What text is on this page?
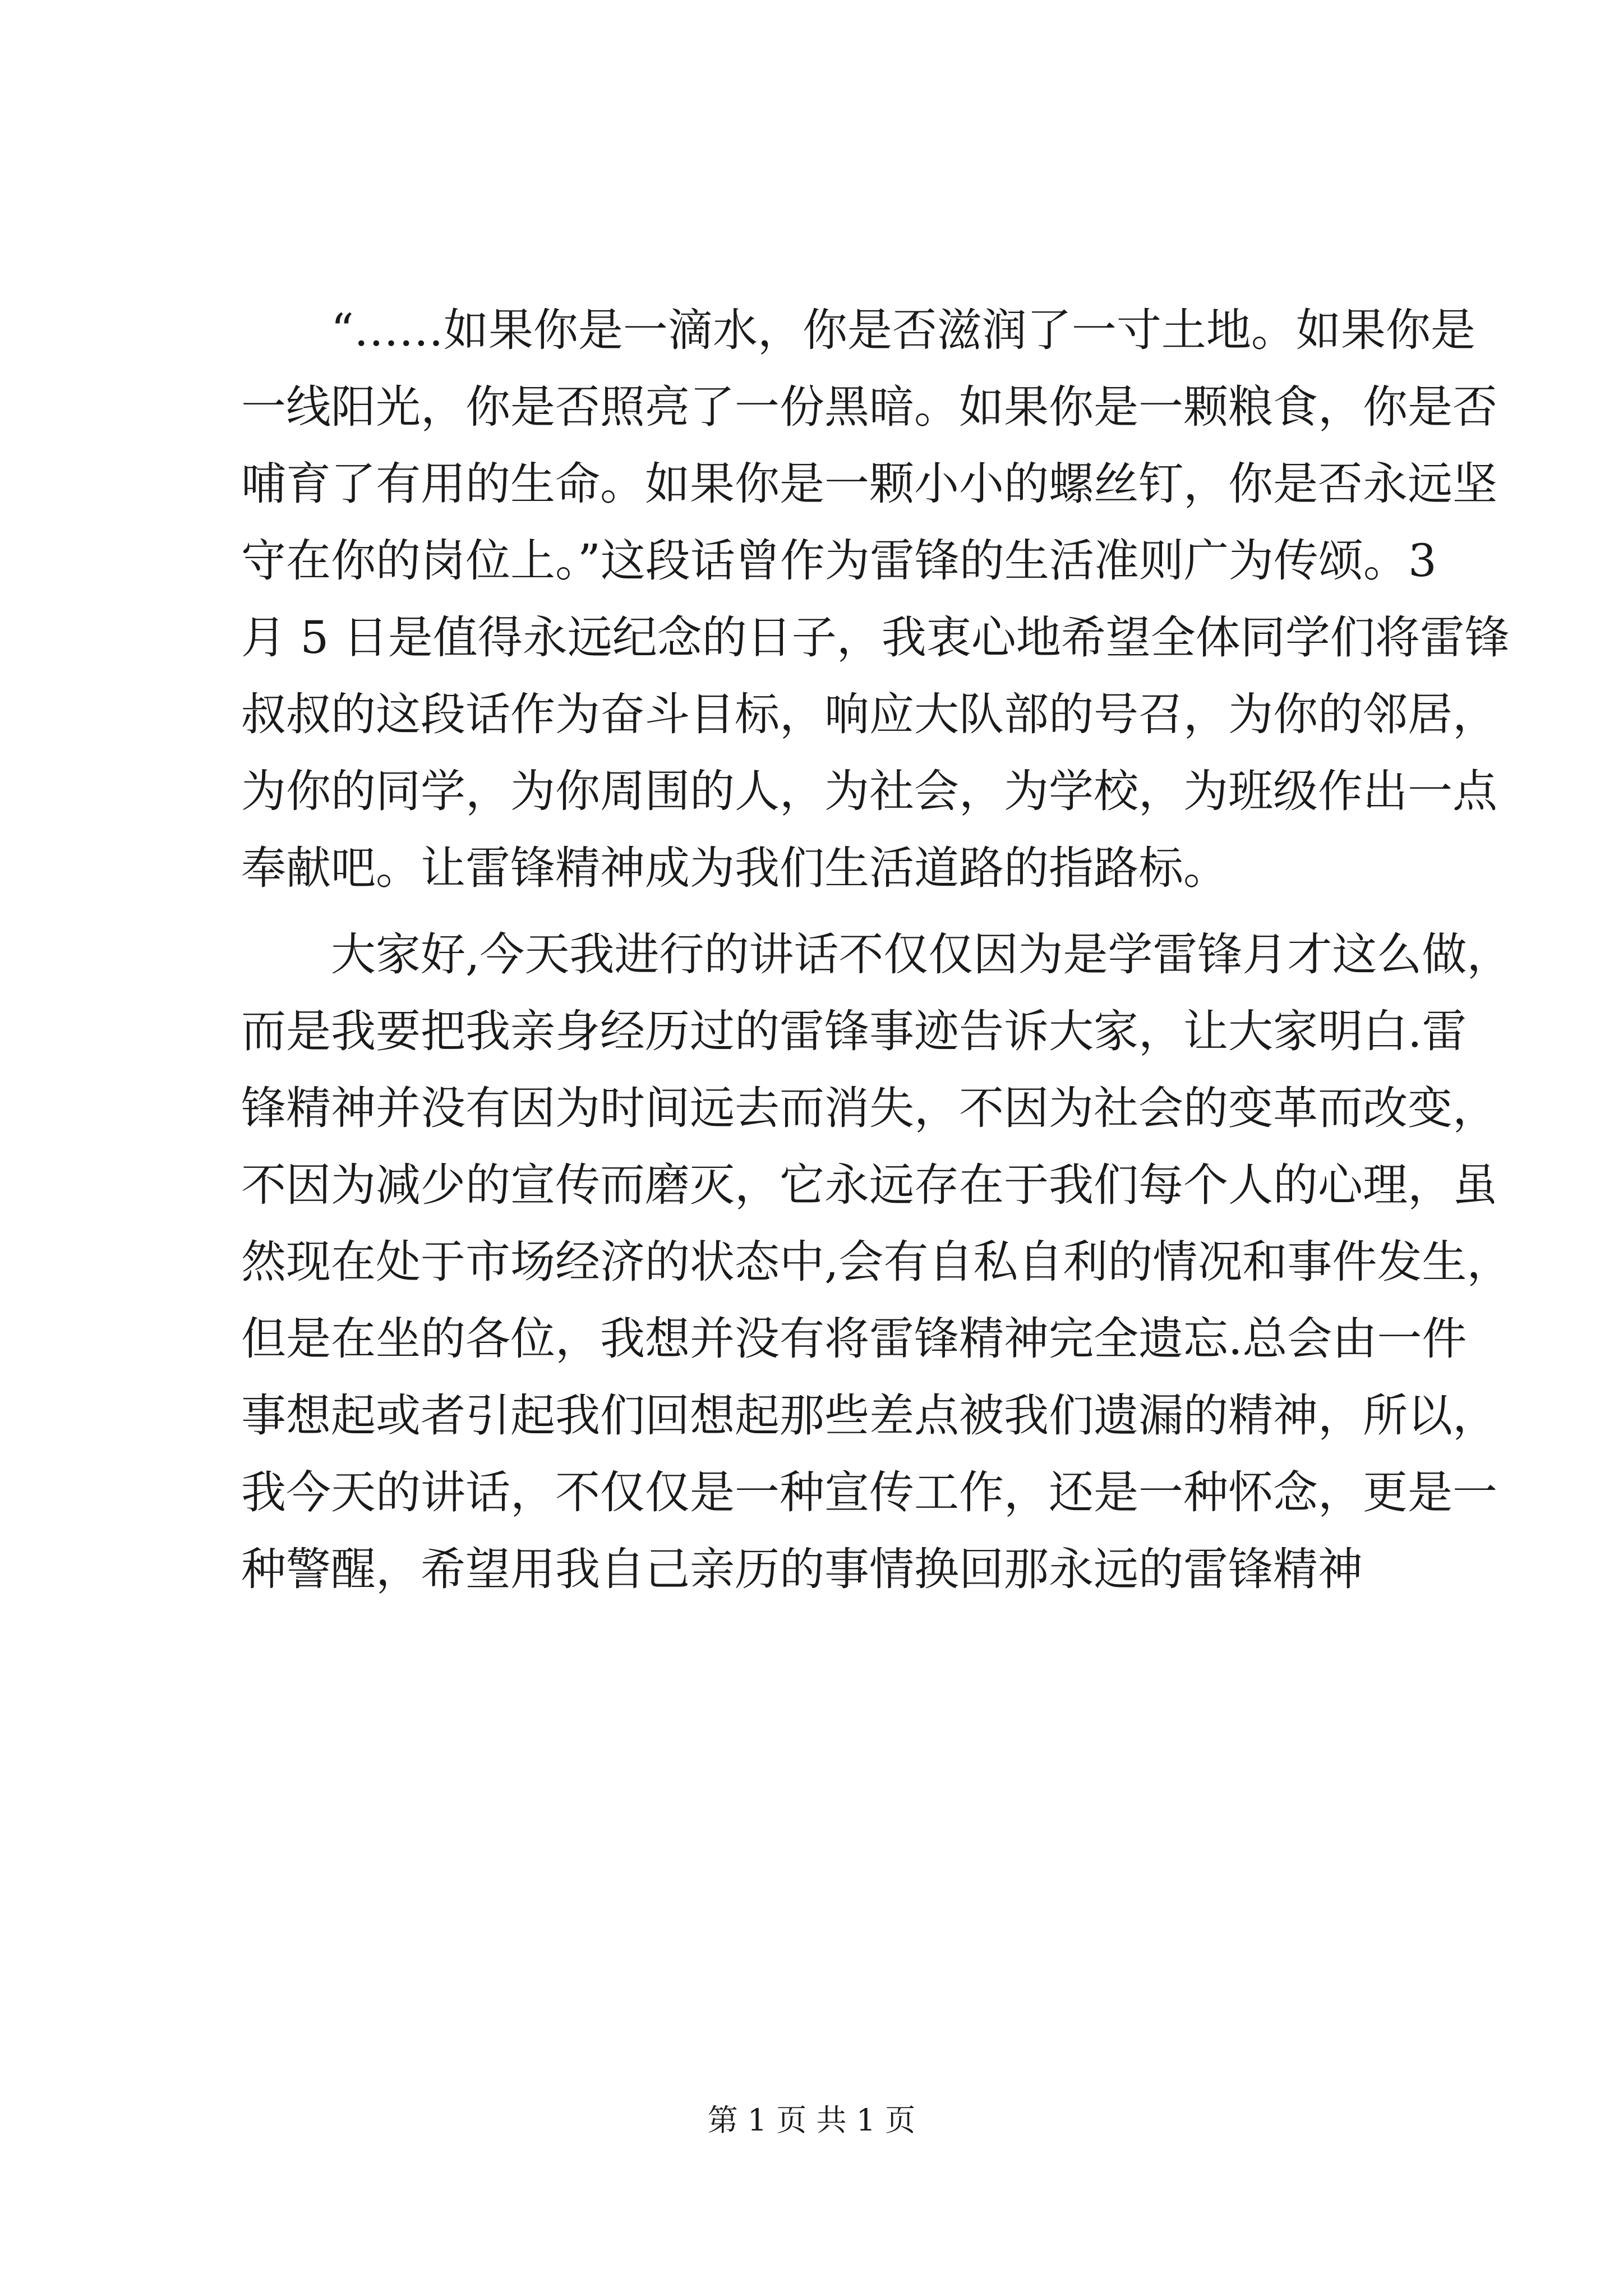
　　“……如果你是一滴水，你是否滋润了一寸土地。如果你是

一线阳光，你是否照亮了一份黑暗。如果你是一颗粮食，你是否

哺育了有用的生命。如果你是一颗小小的螺丝钉，你是否永远坚

守在你的岗位上。”这段话曾作为雷锋的生活准则广为传颂。3

月 5 日是值得永远纪念的日子，我衷心地希望全体同学们将雷锋

叔叔的这段话作为奋斗目标，响应大队部的号召，为你的邻居，

为你的同学，为你周围的人，为社会，为学校，为班级作出一点

奉献吧。让雷锋精神成为我们生活道路的指路标。

　　大家好,今天我进行的讲话不仅仅因为是学雷锋月才这么做，

而是我要把我亲身经历过的雷锋事迹告诉大家，让大家明白.雷

锋精神并没有因为时间远去而消失，不因为社会的变革而改变，

不因为减少的宣传而磨灭，它永远存在于我们每个人的心理，虽

然现在处于市场经济的状态中,会有自私自利的情况和事件发生，

但是在坐的各位，我想并没有将雷锋精神完全遗忘.总会由一件

事想起或者引起我们回想起那些差点被我们遗漏的精神，所以，

我今天的讲话，不仅仅是一种宣传工作，还是一种怀念，更是一

种警醒，希望用我自己亲历的事情换回那永远的雷锋精神

第 1 页 共 1 页
